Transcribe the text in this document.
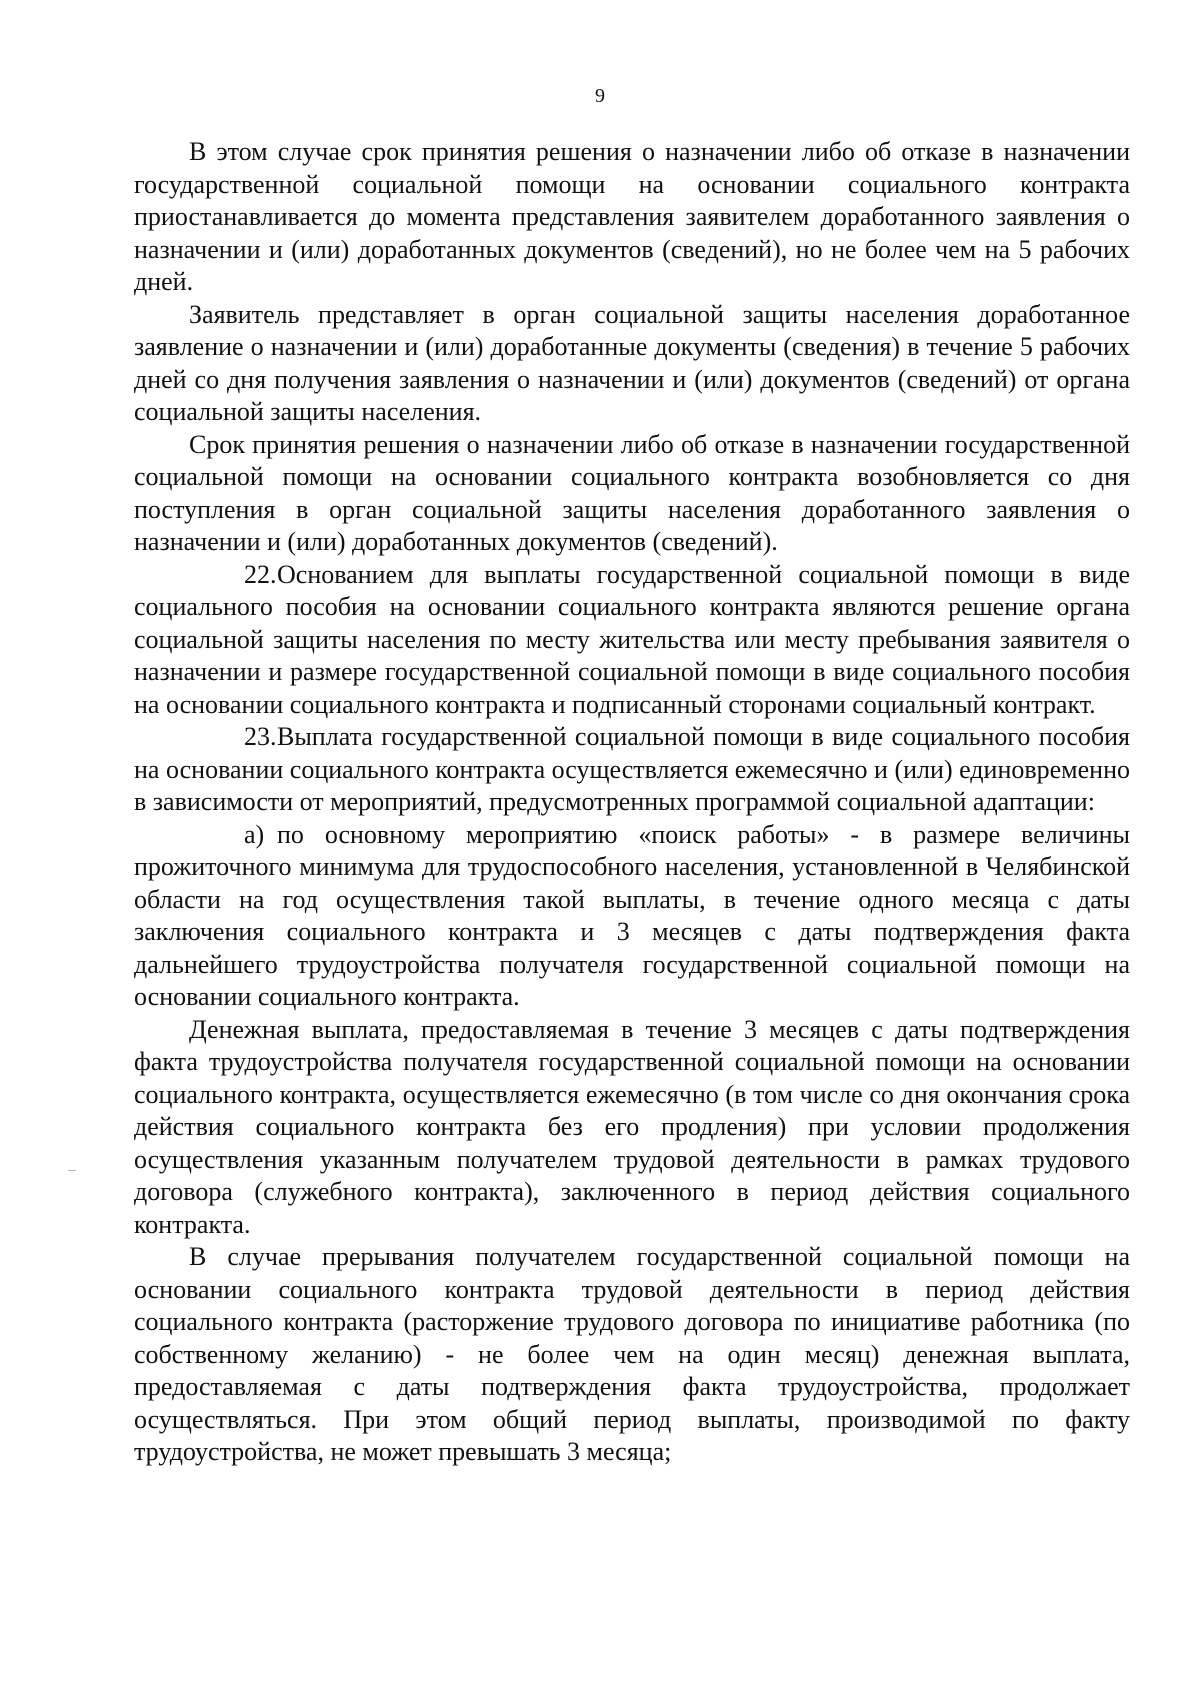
9

В этом случае срок принятия решения о назначении либо об отказе в назначении государственной социальной помощи на основании социального контракта приостанавливается до момента представления заявителем доработанного заявления о назначении и (или) доработанных документов (сведений), но не более чем на 5 рабочих дней.

Заявитель представляет в орган социальной защиты населения доработанное заявление о назначении и (или) доработанные документы (сведения) в течение 5 рабочих дней со дня получения заявления о назначении и (или) документов (сведений) от органа социальной защиты населения.

Срок принятия решения о назначении либо об отказе в назначении государственной социальной помощи на основании социального контракта возобновляется со дня поступления в орган социальной защиты населения доработанного заявления о назначении и (или) доработанных документов (сведений).

22.Основанием для выплаты государственной социальной помощи в виде социального пособия на основании социального контракта являются решение органа социальной защиты населения по месту жительства или месту пребывания заявителя о назначении и размере государственной социальной помощи в виде социального пособия на основании социального контракта и подписанный сторонами социальный контракт.

23.Выплата государственной социальной помощи в виде социального пособия на основании социального контракта осуществляется ежемесячно и (или) единовременно в зависимости от мероприятий, предусмотренных программой социальной адаптации:

а) по основному мероприятию «поиск работы» - в размере величины прожиточного минимума для трудоспособного населения, установленной в Челябинской области на год осуществления такой выплаты, в течение одного месяца с даты заключения социального контракта и 3 месяцев с даты подтверждения факта дальнейшего трудоустройства получателя государственной социальной помощи на основании социального контракта.

Денежная выплата, предоставляемая в течение 3 месяцев с даты подтверждения факта трудоустройства получателя государственной социальной помощи на основании социального контракта, осуществляется ежемесячно (в том числе со дня окончания срока действия социального контракта без его продления) при условии продолжения осуществления указанным получателем трудовой деятельности в рамках трудового договора (служебного контракта), заключенного в период действия социального контракта.

В случае прерывания получателем государственной социальной помощи на основании социального контракта трудовой деятельности в период действия социального контракта (расторжение трудового договора по инициативе работника (по собственному желанию) - не более чем на один месяц) денежная выплата, предоставляемая с даты подтверждения факта трудоустройства, продолжает осуществляться. При этом общий период выплаты, производимой по факту трудоустройства, не может превышать 3 месяца;
